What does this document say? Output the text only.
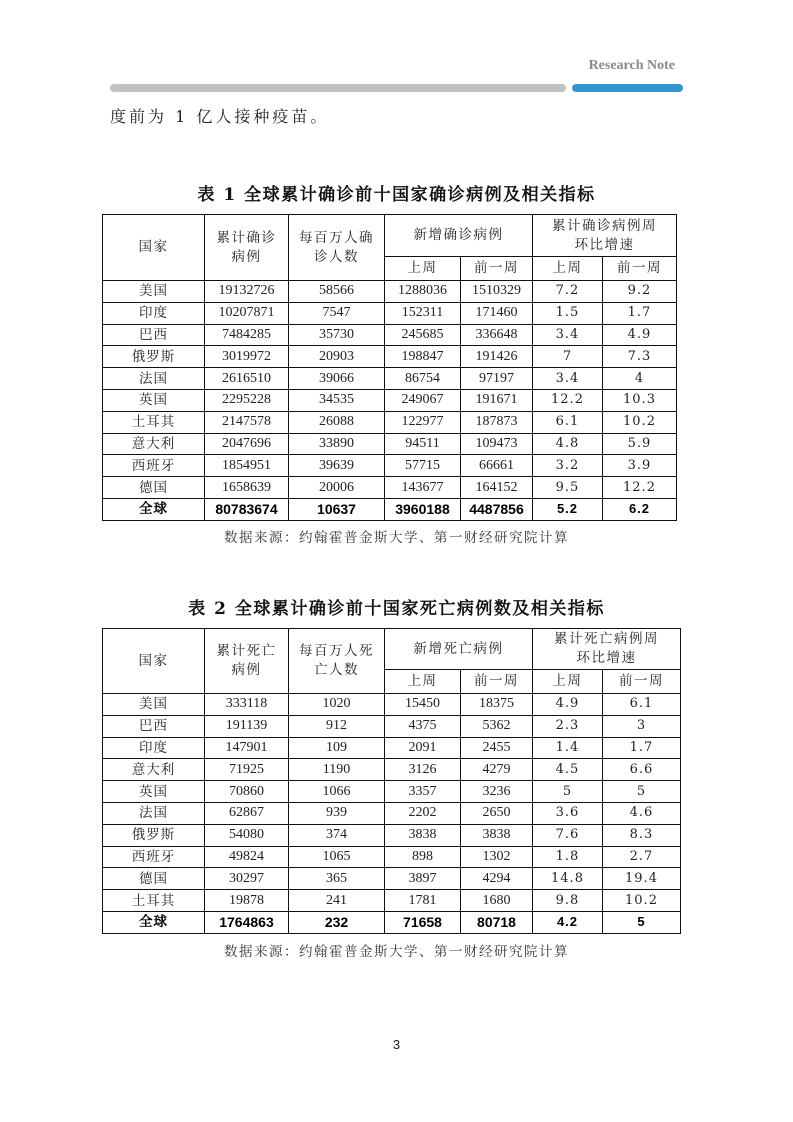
Research Note
度前为 1 亿人接种疫苗。
表 1 全球累计确诊前十国家确诊病例及相关指标
国家	累计确诊病例	每百万人确诊人数	新增确诊病例		累计确诊病例周环比增速	

			上周	前一周	上周	前一周
美国	19132726	58566	1288036	1510329	7.2	9.2
印度	10207871	7547	152311	171460	1.5	1.7
巴西	7484285	35730	245685	336648	3.4	4.9
俄罗斯	3019972	20903	198847	191426	7	7.3
法国	2616510	39066	86754	97197	3.4	4
英国	2295228	34535	249067	191671	12.2	10.3
土耳其	2147578	26088	122977	187873	6.1	10.2
意大利	2047696	33890	94511	109473	4.8	5.9
西班牙	1854951	39639	57715	66661	3.2	3.9
德国	1658639	20006	143677	164152	9.5	12.2
全球	80783674	10637	3960188	4487856	5.2	6.2
数据来源：约翰霍普金斯大学、第一财经研究院计算
表 2 全球累计确诊前十国家死亡病例数及相关指标
国家	累计死亡病例	每百万人死亡人数	新增死亡病例		累计死亡病例周环比增速	

			上周	前一周	上周	前一周
美国	333118	1020	15450	18375	4.9	6.1
巴西	191139	912	4375	5362	2.3	3
印度	147901	109	2091	2455	1.4	1.7
意大利	71925	1190	3126	4279	4.5	6.6
英国	70860	1066	3357	3236	5	5
法国	62867	939	2202	2650	3.6	4.6
俄罗斯	54080	374	3838	3838	7.6	8.3
西班牙	49824	1065	898	1302	1.8	2.7
德国	30297	365	3897	4294	14.8	19.4
土耳其	19878	241	1781	1680	9.8	10.2
全球	1764863	232	71658	80718	4.2	5
数据来源：约翰霍普金斯大学、第一财经研究院计算
3
